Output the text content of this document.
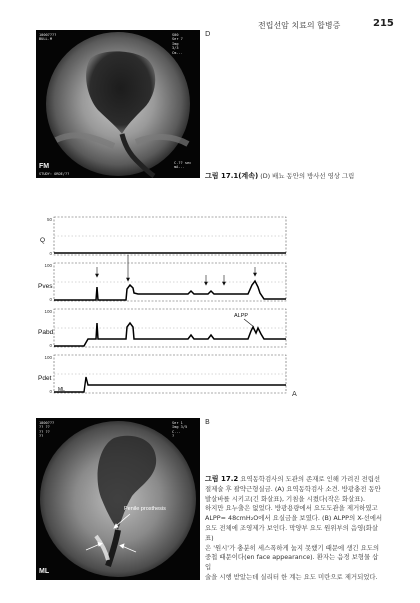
전립선암 치료의 합병증	215
10007???
BULL.M
S00
Ser 7
Img
3/3
Cm...
FM
STUDY: ORDE/??
C.?? sec
mA...
D
그림 17.1(계속) (D) 배뇨 동안의 방사선 영상 그림
50
0
100
0
100
0
100
0
Q
Pves
Pabd
Pdet
ALPP
ML	A
1800???
?? ??
?? ??
??
Ser 1
Img 3/5
C...
?
Penile prosthesis
ML
B
그림 17.2 요역동학검사의 도관의 존재로 인해 가려진 전립선
절제술 후 괄약근형실금. (A) 요역동학검사 소견. 방광충전 동안
발살바를 시키고(긴 화살표), 기침을 시켰다(작은 화살표).
하지만 요누출은 없었다. 방광용량에서 요도도관을 제거하였고
ALPP= 48cmH₂O에서 요실금을 보였다. (B) ALPP의 X-선에서
요도 전체에 조영제가 보인다. 막양부 요도 원위부의 음영(화살표)
은 '원시'가 충분히 세스폭하게 눕지 못했기 때문에 생긴 요도의
중첩 때문이다(en face appearance). 환자는 음경 보형물 삽입
술을 시행 받았는데 실리터 한 계는 요도 미란으로 제거되었다.
